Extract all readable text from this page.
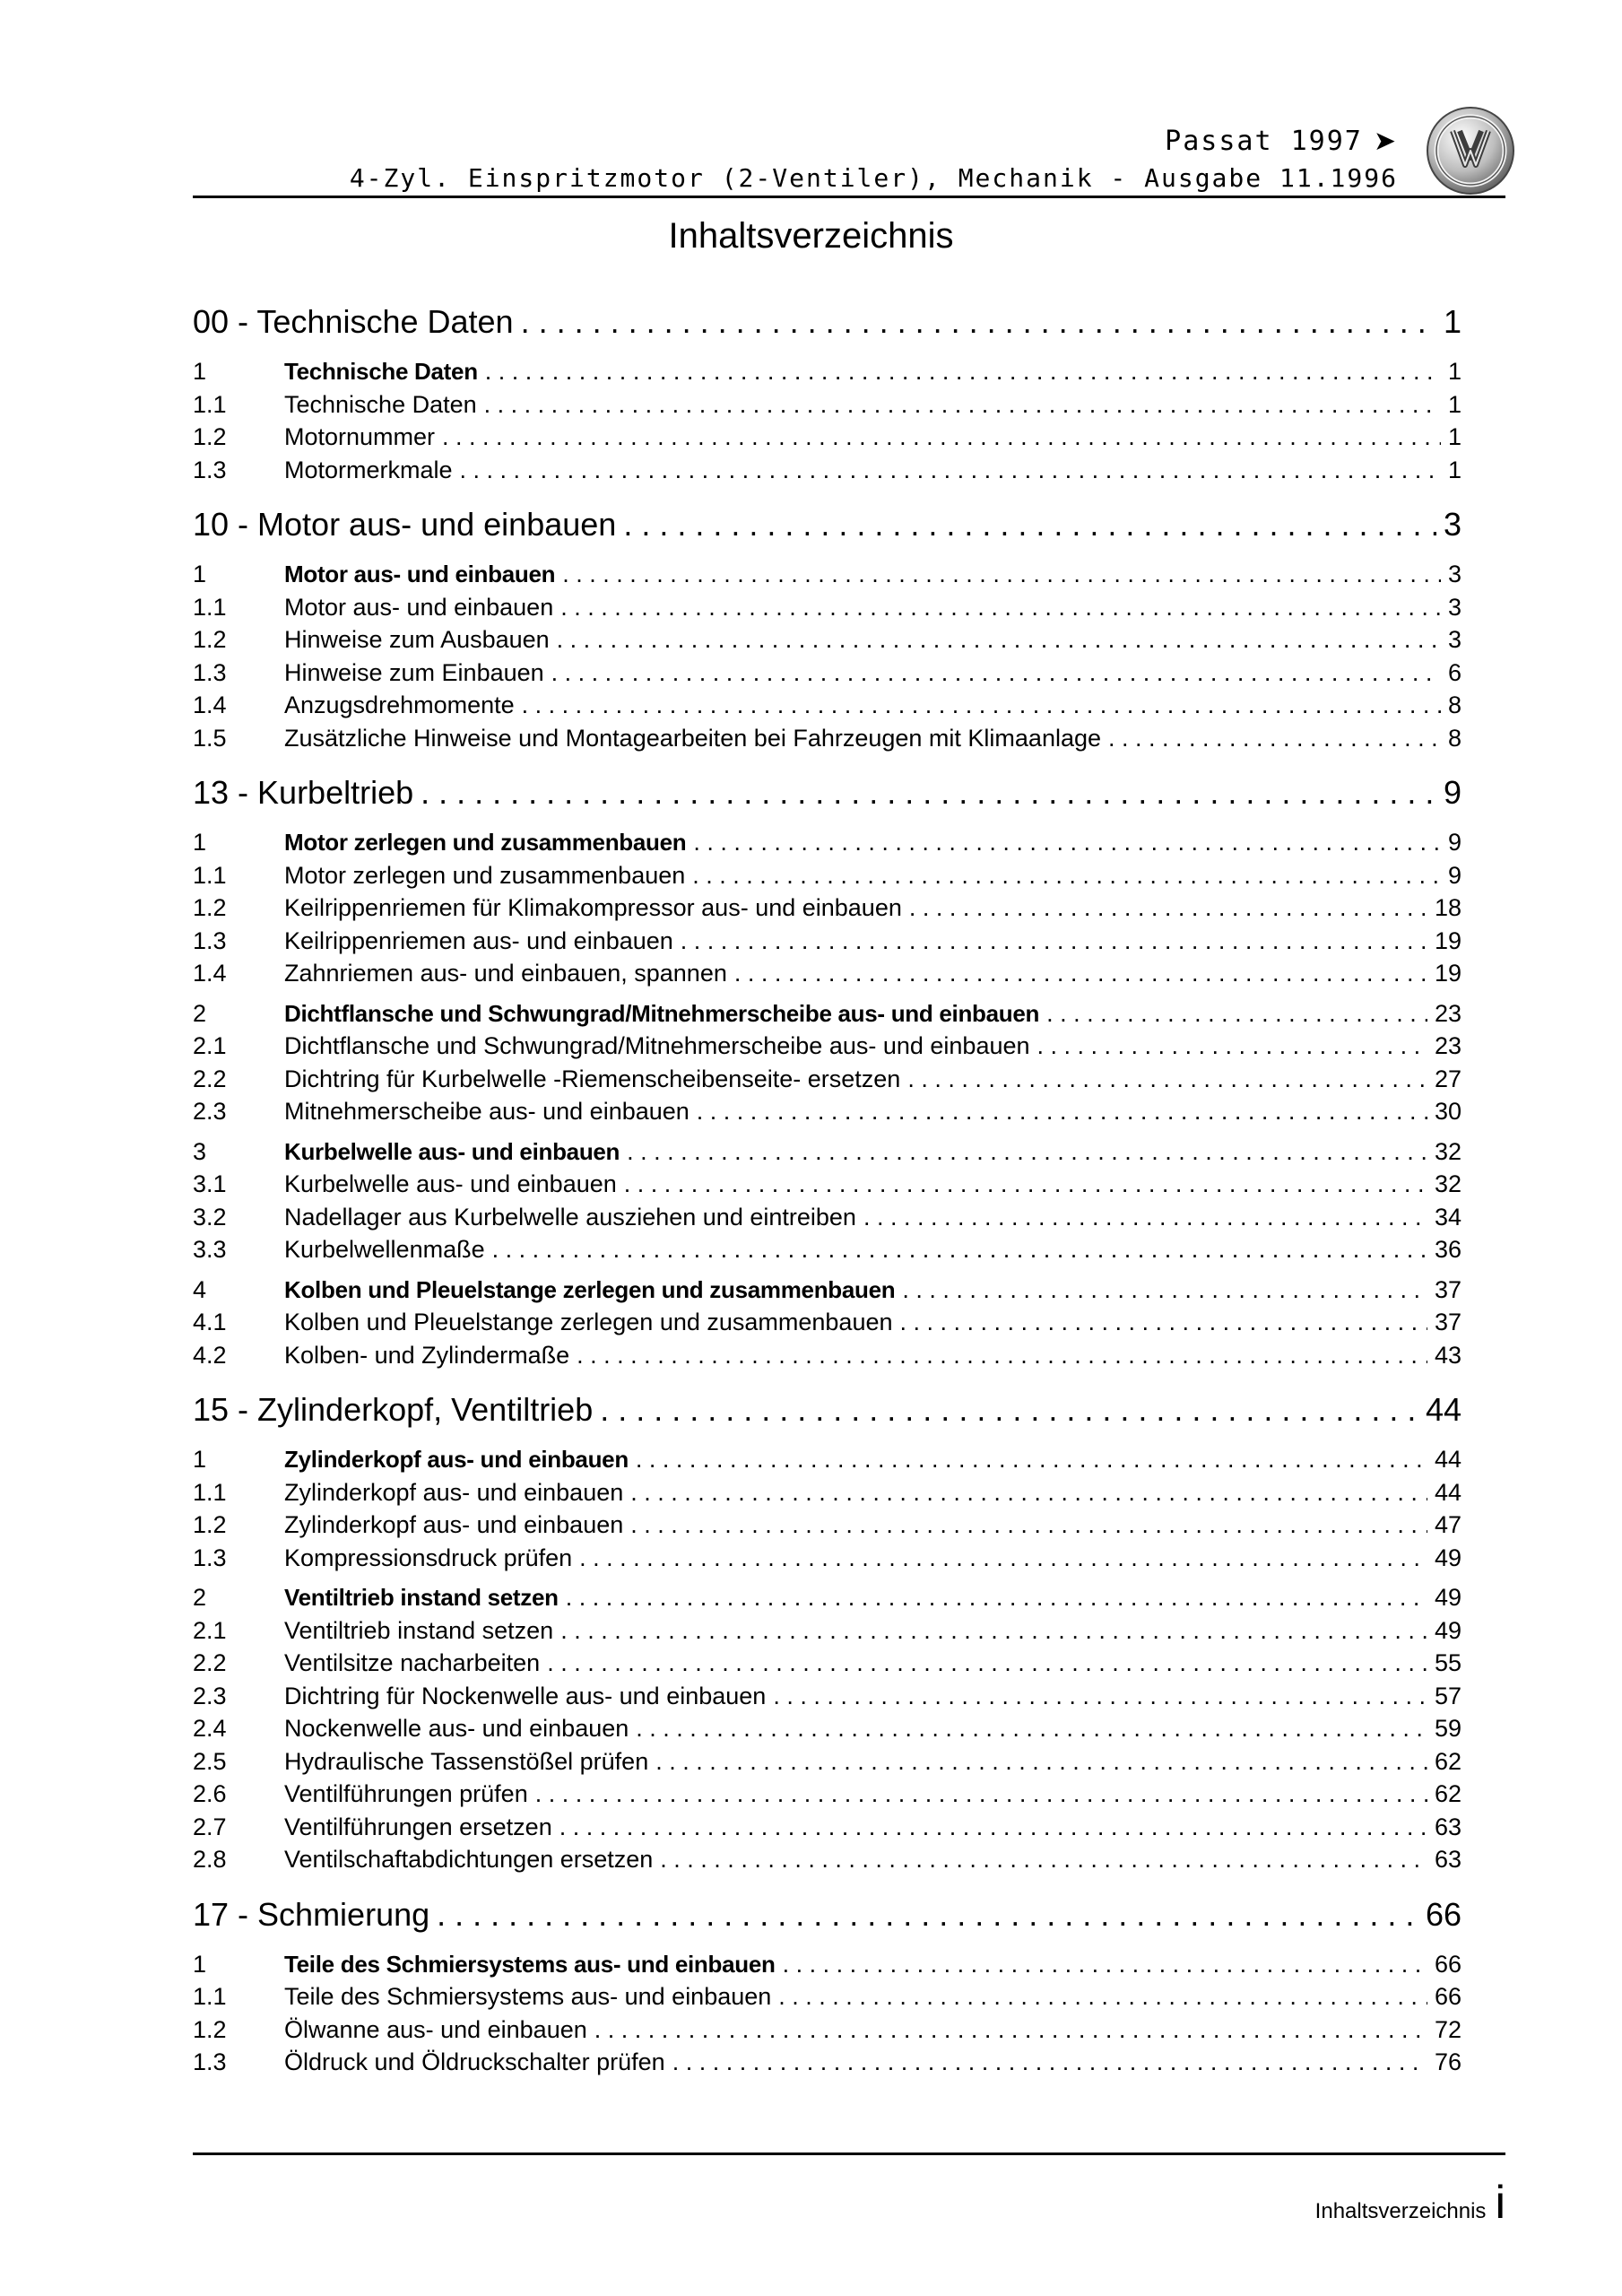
Passat 1997 ➤
4-Zyl. Einspritzmotor (2-Ventiler), Mechanik - Ausgabe 11.1996
Inhaltsverzeichnis
00 - Technische Daten . . .	1
1	Technische Daten . . .	1
1.1	Technische Daten . . .	1
1.2	Motornummer . . .	1
1.3	Motormerkmale . . .	1
10 - Motor aus- und einbauen . . .	3
1	Motor aus- und einbauen . . .	3
1.1	Motor aus- und einbauen . . .	3
1.2	Hinweise zum Ausbauen . . .	3
1.3	Hinweise zum Einbauen . . .	6
1.4	Anzugsdrehmomente . . .	8
1.5	Zusätzliche Hinweise und Montagearbeiten bei Fahrzeugen mit Klimaanlage . . .	8
13 - Kurbeltrieb . . .	9
1	Motor zerlegen und zusammenbauen . . .	9
1.1	Motor zerlegen und zusammenbauen . . .	9
1.2	Keilrippenriemen für Klimakompressor aus- und einbauen . . .	18
1.3	Keilrippenriemen aus- und einbauen . . .	19
1.4	Zahnriemen aus- und einbauen, spannen . . .	19
2	Dichtflansche und Schwungrad/Mitnehmerscheibe aus- und einbauen . . .	23
2.1	Dichtflansche und Schwungrad/Mitnehmerscheibe aus- und einbauen . . .	23
2.2	Dichtring für Kurbelwelle -Riemenscheibenseite- ersetzen . . .	27
2.3	Mitnehmerscheibe aus- und einbauen . . .	30
3	Kurbelwelle aus- und einbauen . . .	32
3.1	Kurbelwelle aus- und einbauen . . .	32
3.2	Nadellager aus Kurbelwelle ausziehen und eintreiben . . .	34
3.3	Kurbelwellenmaße . . .	36
4	Kolben und Pleuelstange zerlegen und zusammenbauen . . .	37
4.1	Kolben und Pleuelstange zerlegen und zusammenbauen . . .	37
4.2	Kolben- und Zylindermaße . . .	43
15 - Zylinderkopf, Ventiltrieb . . .	44
1	Zylinderkopf aus- und einbauen . . .	44
1.1	Zylinderkopf aus- und einbauen . . .	44
1.2	Zylinderkopf aus- und einbauen . . .	47
1.3	Kompressionsdruck prüfen . . .	49
2	Ventiltrieb instand setzen . . .	49
2.1	Ventiltrieb instand setzen . . .	49
2.2	Ventilsitze nacharbeiten . . .	55
2.3	Dichtring für Nockenwelle aus- und einbauen . . .	57
2.4	Nockenwelle aus- und einbauen . . .	59
2.5	Hydraulische Tassenstößel prüfen . . .	62
2.6	Ventilführungen prüfen . . .	62
2.7	Ventilführungen ersetzen . . .	63
2.8	Ventilschaftabdichtungen ersetzen . . .	63
17 - Schmierung . . .	66
1	Teile des Schmiersystems aus- und einbauen . . .	66
1.1	Teile des Schmiersystems aus- und einbauen . . .	66
1.2	Ölwanne aus- und einbauen . . .	72
1.3	Öldruck und Öldruckschalter prüfen . . .	76
Inhaltsverzeichnis i
